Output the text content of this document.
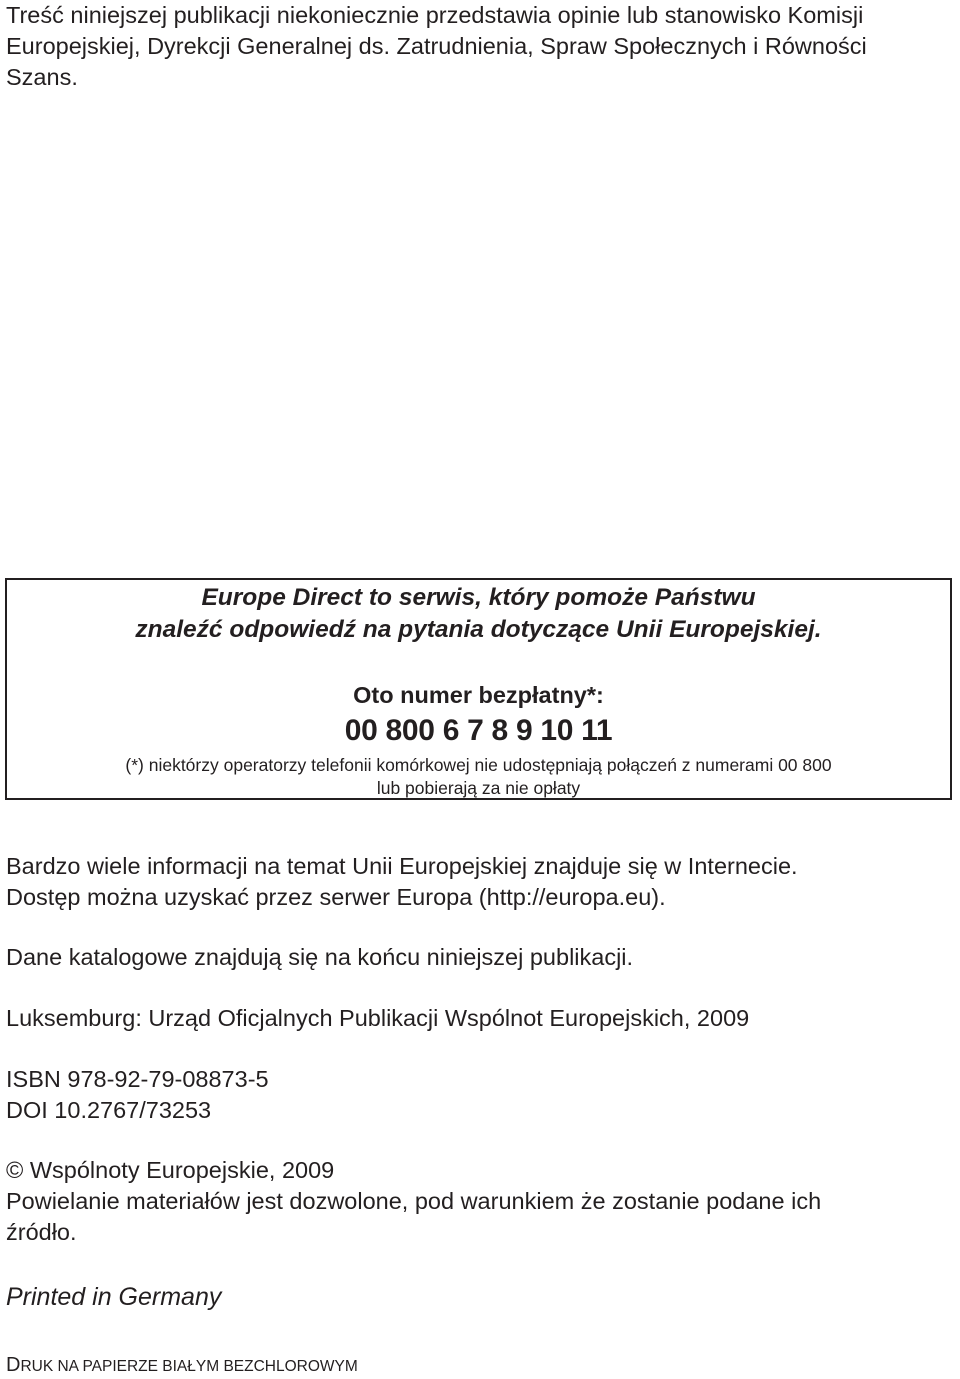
Treść niniejszej publikacji niekoniecznie przedstawia opinie lub stanowisko Komisji
Europejskiej, Dyrekcji Generalnej ds. Zatrudnienia, Spraw Społecznych i Równości
Szans.
Europe Direct to serwis, który pomoże Państwu
znaleźć odpowiedź na pytania dotyczące Unii Europejskiej.
Oto numer bezpłatny*:
00 800 6 7 8 9 10 11
(*) niektórzy operatorzy telefonii komórkowej nie udostępniają połączeń z numerami 00 800
lub pobierają za nie opłaty
Bardzo wiele informacji na temat Unii Europejskiej znajduje się w Internecie.
Dostęp można uzyskać przez serwer Europa (http://europa.eu).
Dane katalogowe znajdują się na końcu niniejszej publikacji.
Luksemburg: Urząd Oficjalnych Publikacji Wspólnot Europejskich, 2009
ISBN 978-92-79-08873-5
DOI 10.2767/73253
© Wspólnoty Europejskie, 2009
Powielanie materiałów jest dozwolone, pod warunkiem że zostanie podane ich
źródło.
Printed in Germany
DRUK NA PAPIERZE BIAŁYM BEZCHLOROWYM
